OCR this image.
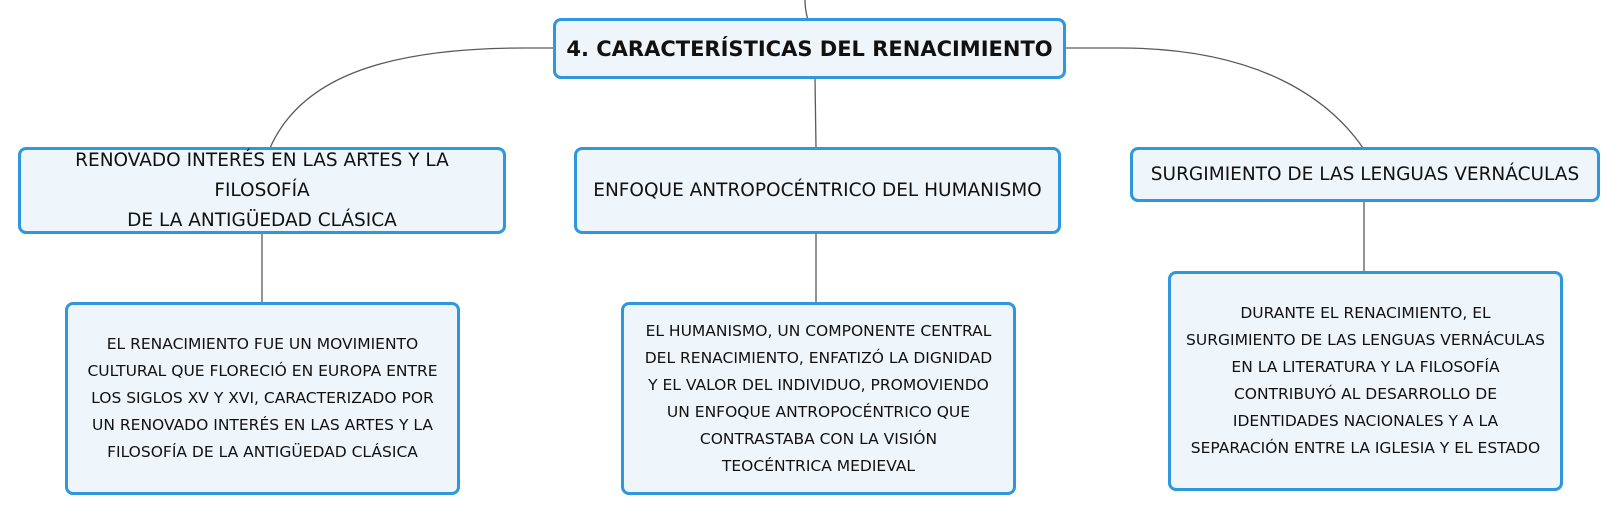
4. CARACTERÍSTICAS DEL RENACIMIENTO
RENOVADO INTERÉS EN LAS ARTES Y LA FILOSOFÍA
DE LA ANTIGÜEDAD CLÁSICA
ENFOQUE ANTROPOCÉNTRICO DEL HUMANISMO
SURGIMIENTO DE LAS LENGUAS VERNÁCULAS
EL RENACIMIENTO FUE UN MOVIMIENTO
CULTURAL QUE FLORECIÓ EN EUROPA ENTRE
LOS SIGLOS XV Y XVI, CARACTERIZADO POR
UN RENOVADO INTERÉS EN LAS ARTES Y LA
FILOSOFÍA DE LA ANTIGÜEDAD CLÁSICA
EL HUMANISMO, UN COMPONENTE CENTRAL
DEL RENACIMIENTO, ENFATIZÓ LA DIGNIDAD
Y EL VALOR DEL INDIVIDUO, PROMOVIENDO
UN ENFOQUE ANTROPOCÉNTRICO QUE
CONTRASTABA CON LA VISIÓN
TEOCÉNTRICA MEDIEVAL
DURANTE EL RENACIMIENTO, EL
SURGIMIENTO DE LAS LENGUAS VERNÁCULAS
EN LA LITERATURA Y LA FILOSOFÍA
CONTRIBUYÓ AL DESARROLLO DE
IDENTIDADES NACIONALES Y A LA
SEPARACIÓN ENTRE LA IGLESIA Y EL ESTADO
